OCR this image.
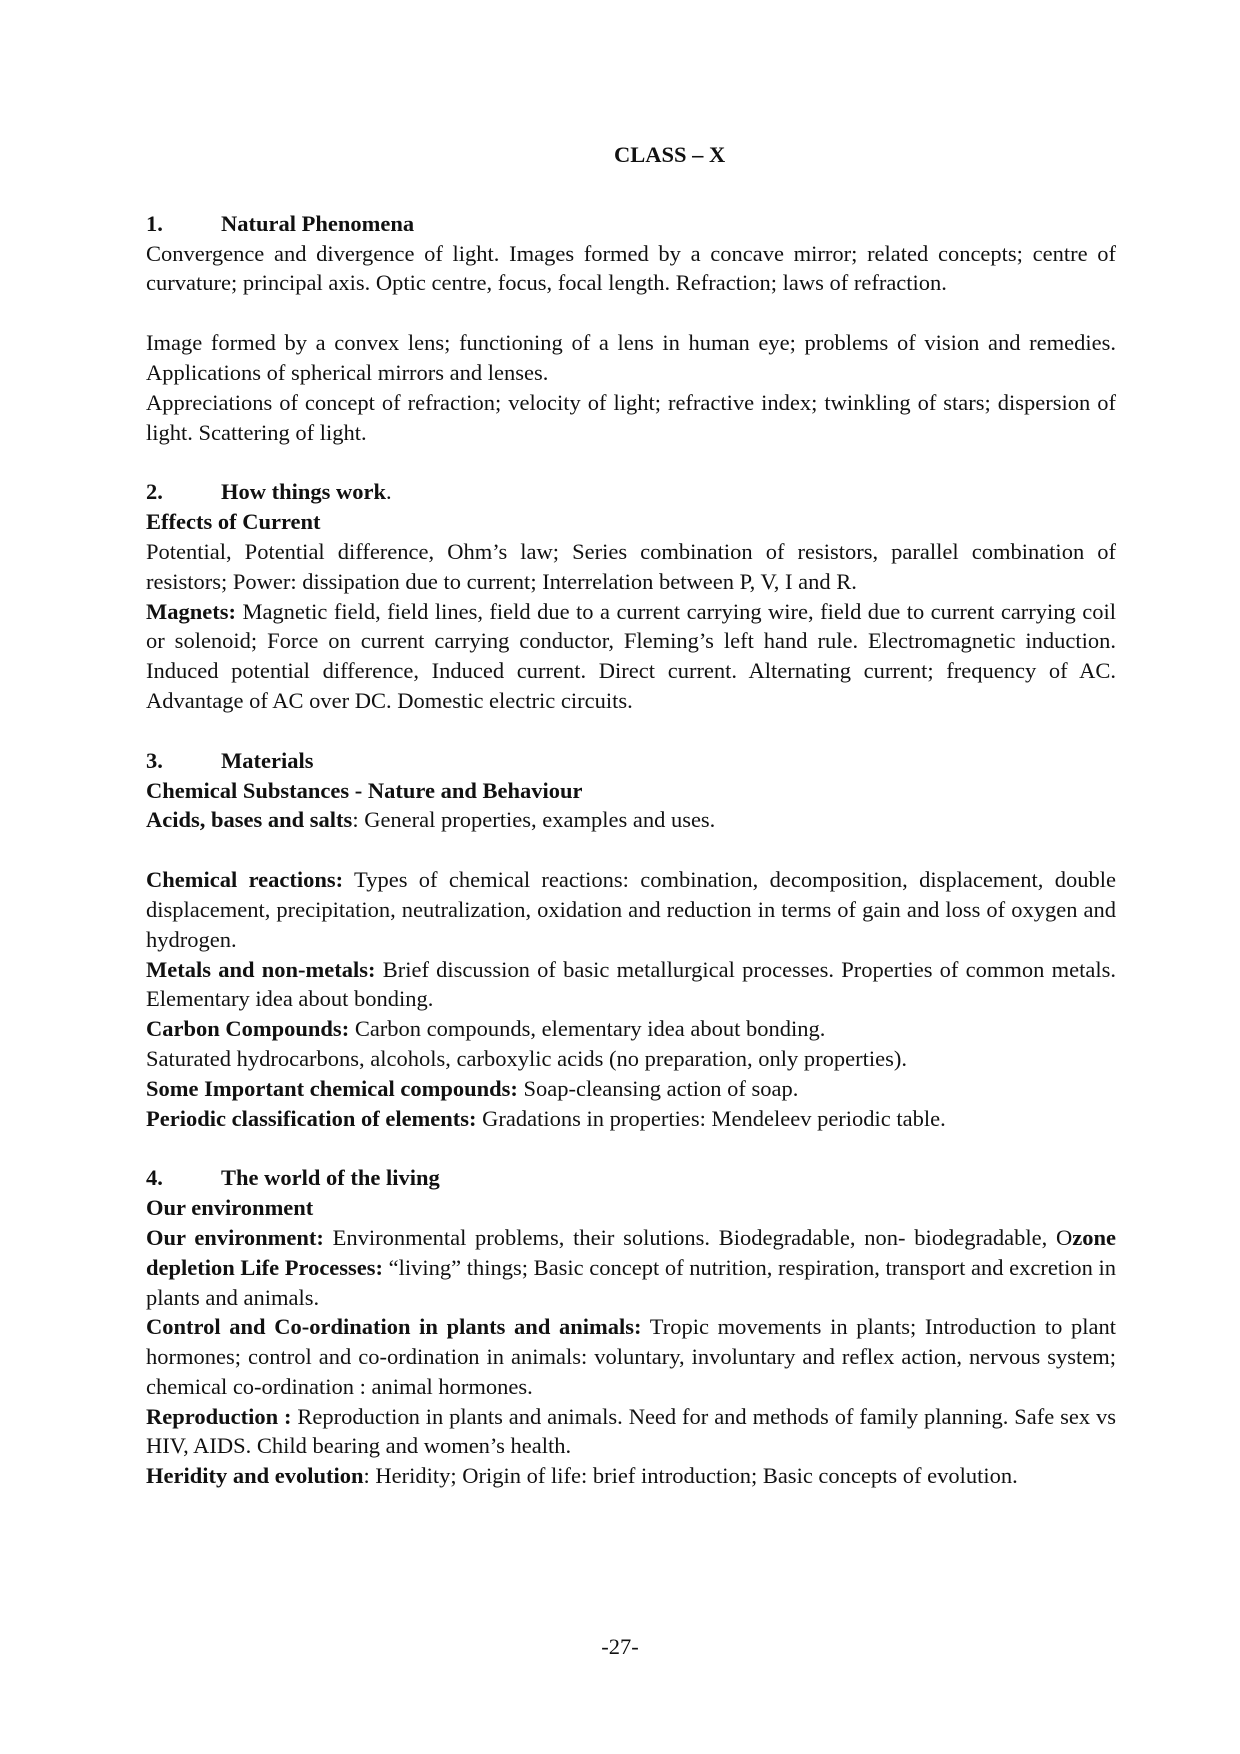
CLASS – X
1.	Natural Phenomena

Convergence and divergence of light. Images formed by a concave mirror; related concepts; centre of curvature; principal axis. Optic centre, focus, focal length. Refraction; laws of refraction.

Image formed by a convex lens; functioning of a lens in human eye; problems of vision and remedies. Applications of spherical mirrors and lenses.

Appreciations of concept of refraction; velocity of light; refractive index; twinkling of stars; dispersion of light. Scattering of light.

2.	How things work.
Effects of Current

Potential, Potential difference, Ohm’s law; Series combination of resistors, parallel combination of resistors; Power: dissipation due to current; Interrelation between P, V, I and R.

Magnets: Magnetic field, field lines, field due to a current carrying wire, field due to current carrying coil or solenoid; Force on current carrying conductor, Fleming’s left hand rule. Electromagnetic induction. Induced potential difference, Induced current. Direct current. Alternating current; frequency of AC. Advantage of AC over DC. Domestic electric circuits.

3.	Materials
Chemical Substances - Nature and Behaviour

Acids, bases and salts: General properties, examples and uses.

Chemical reactions: Types of chemical reactions: combination, decomposition, displacement, double displacement, precipitation, neutralization, oxidation and reduction in terms of gain and loss of oxygen and hydrogen.

Metals and non-metals: Brief discussion of basic metallurgical processes. Properties of common metals. Elementary idea about bonding.

Carbon Compounds: Carbon compounds, elementary idea about bonding.

Saturated hydrocarbons, alcohols, carboxylic acids (no preparation, only properties).

Some Important chemical compounds: Soap-cleansing action of soap.

Periodic classification of elements: Gradations in properties: Mendeleev periodic table.

4.	The world of the living
Our environment

Our environment: Environmental problems, their solutions. Biodegradable, non- biodegradable, Ozone depletion Life Processes: “living” things; Basic concept of nutrition, respiration, transport and excretion in plants and animals.

Control and Co-ordination in plants and animals: Tropic movements in plants; Introduction to plant hormones; control and co-ordination in animals: voluntary, involuntary and reflex action, nervous system; chemical co-ordination : animal hormones.

Reproduction : Reproduction in plants and animals. Need for and methods of family planning. Safe sex vs HIV, AIDS. Child bearing and women’s health.

Heridity and evolution: Heridity; Origin of life: brief introduction; Basic concepts of evolution.

-27-
